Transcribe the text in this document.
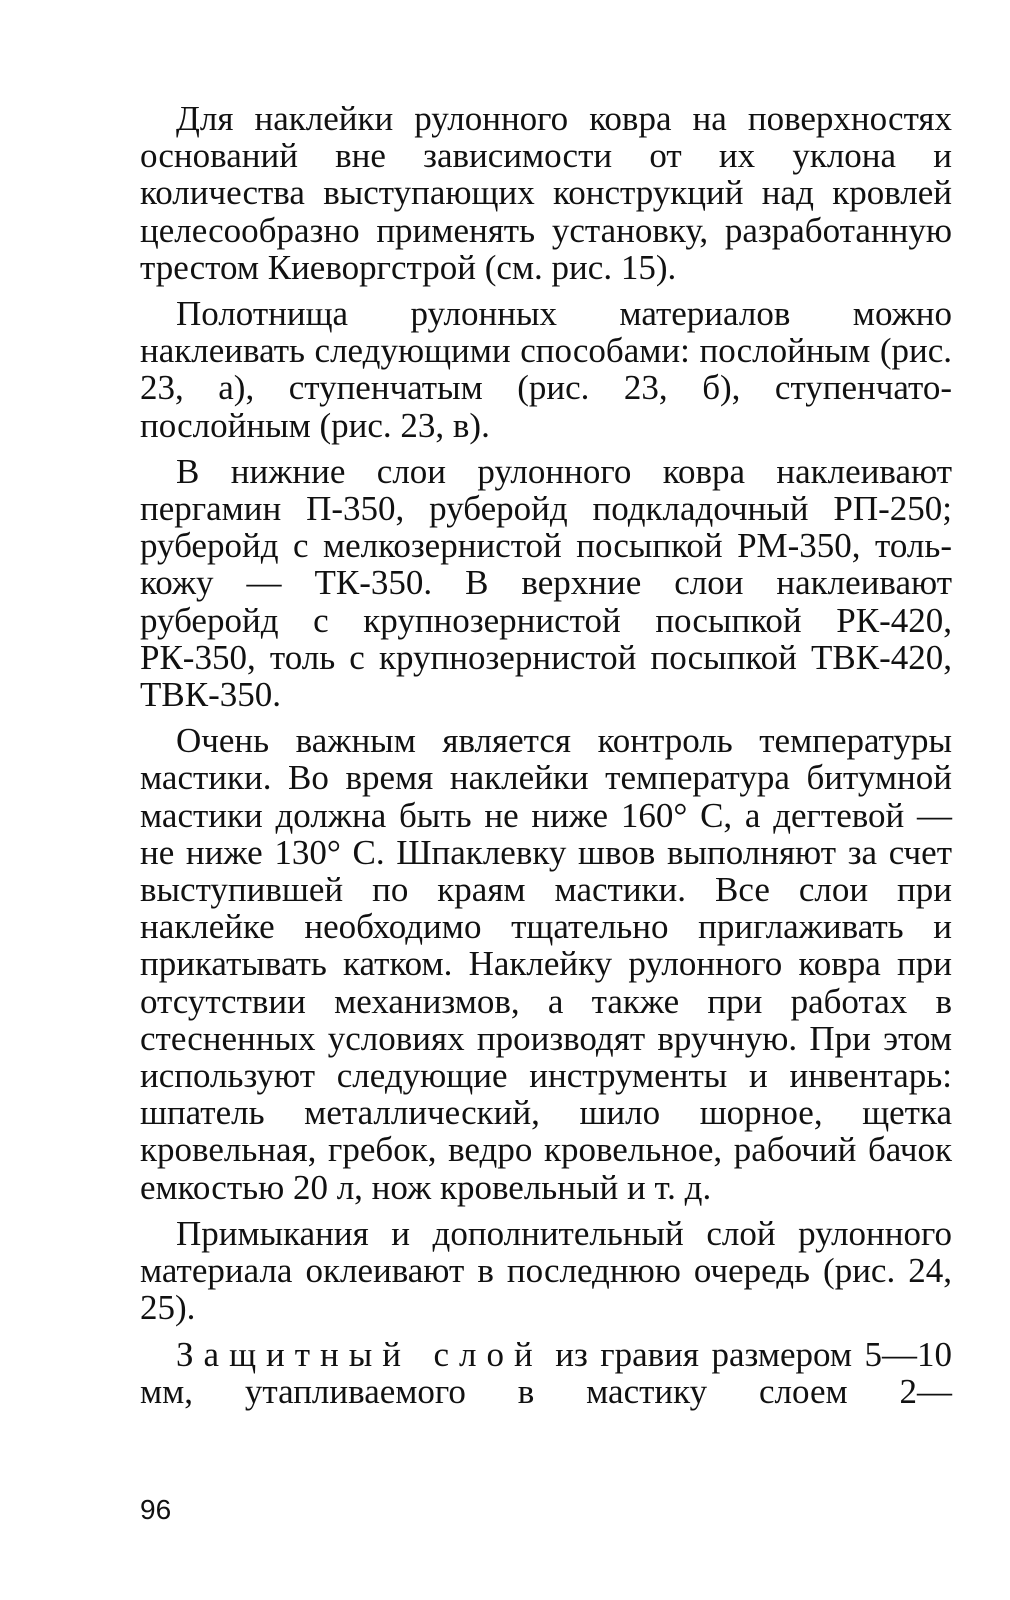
Для наклейки рулонного ковра на поверхностях оснований вне зависимости от их уклона и количества выступающих конструкций над кровлей целесообразно применять установку, разработанную трестом Киеворгстрой (см. рис. 15).

Полотнища рулонных материалов можно наклеивать следующими способами: послойным (рис. 23, а), ступенчатым (рис. 23, б), ступенчато-послойным (рис. 23, в).

В нижние слои рулонного ковра наклеивают пергамин П-350, руберойд подкладочный РП-250; руберойд с мелкозернистой посыпкой РМ-350, толь-кожу — ТК-350. В верхние слои наклеивают руберойд с крупнозернистой посыпкой РК-420, РК-350, толь с крупнозернистой посыпкой ТВК-420, ТВК-350.

Очень важным является контроль температуры мастики. Во время наклейки температура битумной мастики должна быть не ниже 160° С, а дегтевой — не ниже 130° С. Шпаклевку швов выполняют за счет выступившей по краям мастики. Все слои при наклейке необходимо тщательно приглаживать и прикатывать катком. Наклейку рулонного ковра при отсутствии механизмов, а также при работах в стесненных условиях производят вручную. При этом используют следующие инструменты и инвентарь: шпатель металлический, шило шорное, щетка кровельная, гребок, ведро кровельное, рабочий бачок емкостью 20 л, нож кровельный и т. д.

Примыкания и дополнительный слой рулонного материала оклеивают в последнюю очередь (рис. 24, 25).

Защитный слой из гравия размером 5—10 мм, утапливаемого в мастику слоем 2—

96
